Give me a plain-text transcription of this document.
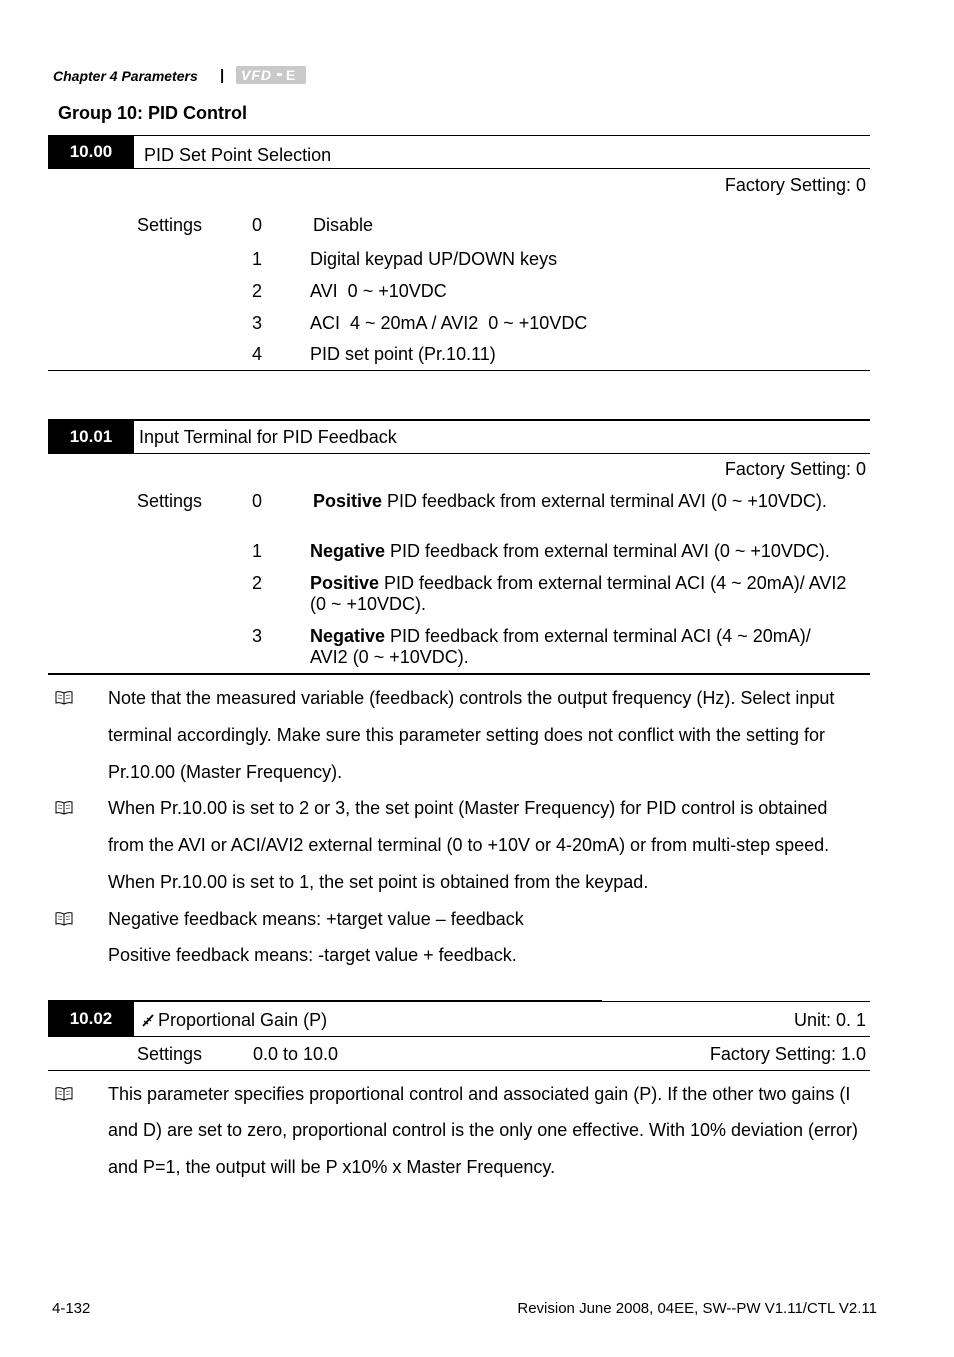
Chapter 4 Parameters | VFD E
Group 10: PID Control
10.00	PID Set Point Selection
Factory Setting: 0
Settings	0	Disable
1	Digital keypad UP/DOWN keys
2	AVI  0 ~ +10VDC
3	ACI  4 ~ 20mA / AVI2  0 ~ +10VDC
4	PID set point (Pr.10.11)
10.01	Input Terminal for PID Feedback
Factory Setting: 0
Settings	0	Positive PID feedback from external terminal AVI (0 ~ +10VDC).
1	Negative PID feedback from external terminal AVI (0 ~ +10VDC).
2	Positive PID feedback from external terminal ACI (4 ~ 20mA)/ AVI2
(0 ~ +10VDC).
3	Negative PID feedback from external terminal ACI (4 ~ 20mA)/
AVI2 (0 ~ +10VDC).
Note that the measured variable (feedback) controls the output frequency (Hz). Select input
terminal accordingly. Make sure this parameter setting does not conflict with the setting for
Pr.10.00 (Master Frequency).
When Pr.10.00 is set to 2 or 3, the set point (Master Frequency) for PID control is obtained
from the AVI or ACI/AVI2 external terminal (0 to +10V or 4-20mA) or from multi-step speed.
When Pr.10.00 is set to 1, the set point is obtained from the keypad.
Negative feedback means: +target value – feedback
Positive feedback means: -target value + feedback.
10.02	Proportional Gain (P)	Unit: 0. 1
Settings	0.0 to 10.0	Factory Setting: 1.0
This parameter specifies proportional control and associated gain (P). If the other two gains (I
and D) are set to zero, proportional control is the only one effective. With 10% deviation (error)
and P=1, the output will be P x10% x Master Frequency.
4-132	Revision June 2008, 04EE, SW--PW V1.11/CTL V2.11
